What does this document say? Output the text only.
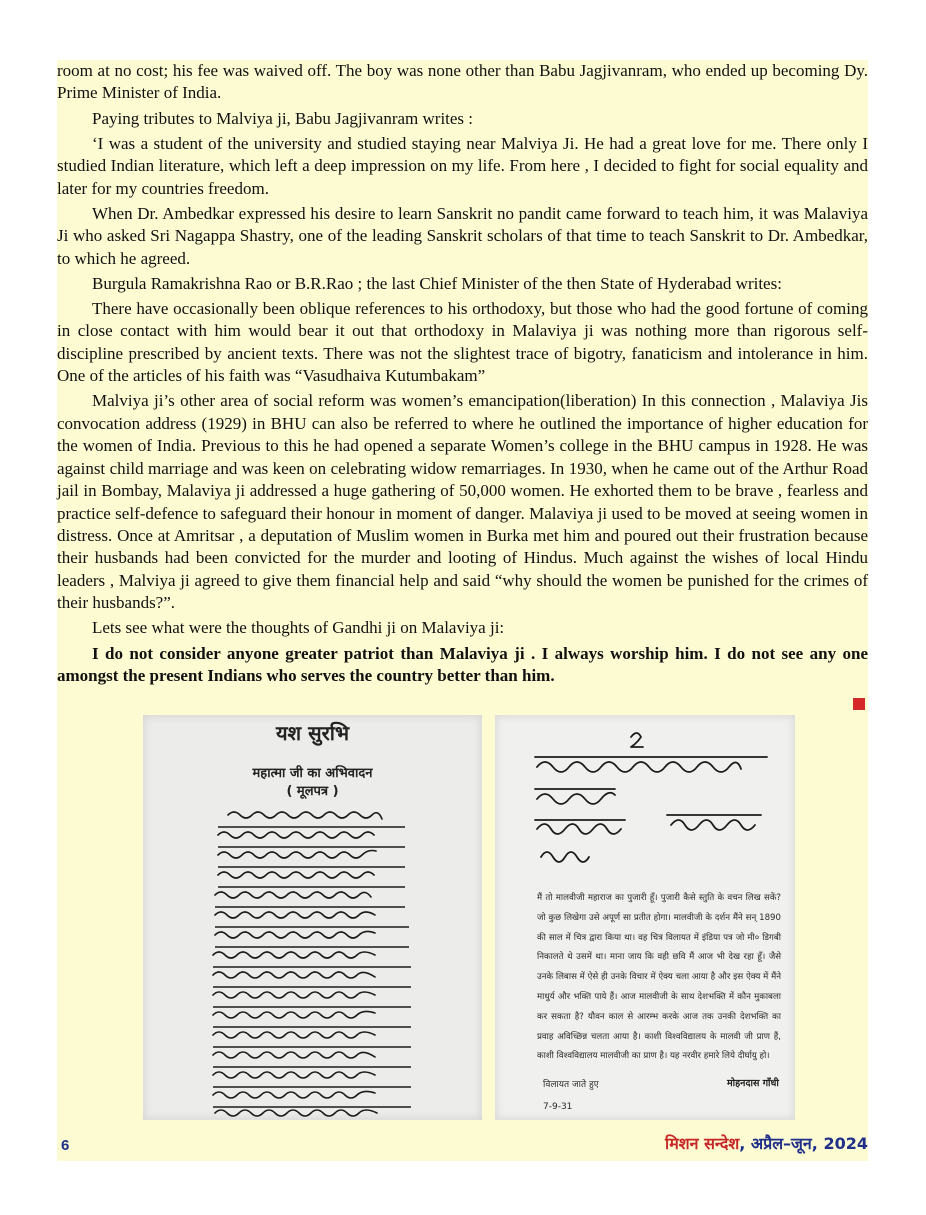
room at no cost; his fee was waived off. The boy was none other than Babu Jagjivanram, who ended up becoming Dy. Prime Minister of India.

Paying tributes to Malviya ji, Babu Jagjivanram writes :

‘I was a student of the university and studied staying near Malviya Ji. He had a great love for me. There only I studied Indian literature, which left a deep impression on my life. From here , I decided to fight for social equality and later for my countries freedom.

When Dr. Ambedkar expressed his desire to learn Sanskrit no pandit came forward to teach him, it was Malaviya Ji who asked Sri Nagappa Shastry, one of the leading Sanskrit scholars of that time to teach Sanskrit to Dr. Ambedkar, to which he agreed.

Burgula Ramakrishna Rao or B.R.Rao ; the last Chief Minister of the then State of Hyderabad writes:

There have occasionally been oblique references to his orthodoxy, but those who had the good fortune of coming in close contact with him would bear it out that orthodoxy in Malaviya ji was nothing more than rigorous self-discipline prescribed by ancient texts. There was not the slightest trace of bigotry, fanaticism and intolerance in him. One of the articles of his faith was “Vasudhaiva Kutumbakam”

Malviya ji’s other area of social reform was women’s emancipation(liberation) In this connection , Malaviya Jis convocation address (1929) in BHU can also be referred to where he outlined the importance of higher education for the women of India. Previous to this he had opened a separate Women’s college in the BHU campus in 1928. He was against child marriage and was keen on celebrating widow remarriages. In 1930, when he came out of the Arthur Road jail in Bombay, Malaviya ji addressed a huge gathering of 50,000 women. He exhorted them to be brave , fearless and practice self-defence to safeguard their honour in moment of danger. Malaviya ji used to be moved at seeing women in distress. Once at Amritsar , a deputation of Muslim women in Burka met him and poured out their frustration because their husbands had been convicted for the murder and looting of Hindus. Much against the wishes of local Hindu leaders , Malviya ji agreed to give them financial help and said “why should the women be punished for the crimes of their husbands?”.

Lets see what were the thoughts of Gandhi ji on Malaviya ji:

I do not consider anyone greater patriot than Malaviya ji . I always worship him. I do not see any one amongst the present Indians who serves the country better than him.

यश सुरभि
महात्मा जी का अभिवादन
( मूलपत्र )
मैं तो मालवीजी महाराज का पुजारी हूँ। पुजारी कैसे स्तुति के वचन लिख सकें? जो कुछ लिखेगा उसे अपूर्ण सा प्रतीत होगा। मालवीजी के दर्शन मैंने सन् 1890 की साल में चित्र द्वारा किया था। वह चित्र विलायत में इंडिया पत्र जो मी० डिगबी निकालते थे उसमें था। माना जाय कि वही छवि मैं आज भी देख रहा हूँ। जैसे उनके लिबास में ऐसे ही उनके विचार में ऐक्य चला आया है और इस ऐक्य में मैंने माधुर्य और भक्ति पाये हैं। आज मालवीजी के साथ देशभक्ति में कौन मुकाबला कर सकता है? यौवन काल से आरम्भ करके आज तक उनकी देशभक्ति का प्रवाह अविच्छिन्न चलता आया है। काशी विश्वविद्यालय के मालवी जी प्राण हैं, काशी विश्वविद्यालय मालवीजी का प्राण है। यह नरवीर हमारे लिये दीर्घायु हो।
विलायत जाते हुए
7-9-31
मोहनदास गाँधी
6	मिशन सन्देश, अप्रैल–जून, 2024
